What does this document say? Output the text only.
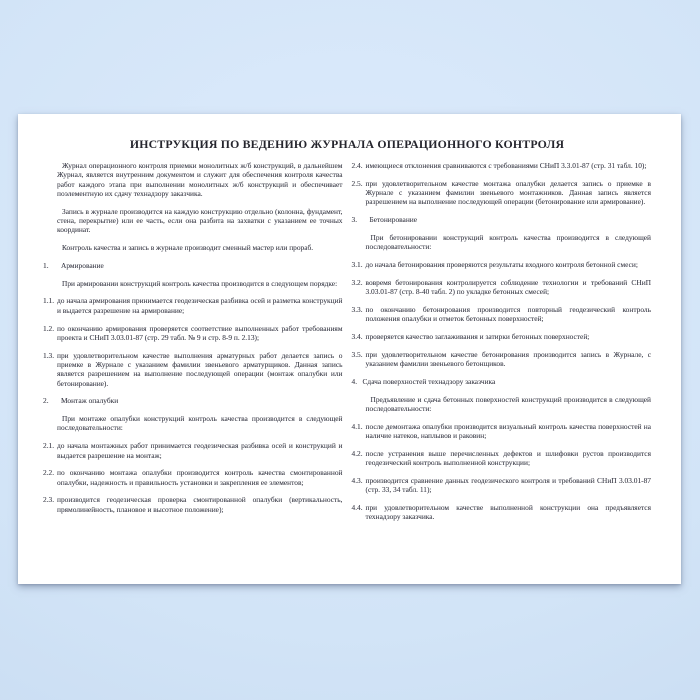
ИНСТРУКЦИЯ ПО ВЕДЕНИЮ ЖУРНАЛА ОПЕРАЦИОННОГО КОНТРОЛЯ
Журнал операционного контроля приемки монолитных ж/б конструкций, в дальнейшем Журнал, является внутренним документом и служит для обеспечения контроля качества работ каждого этапа при выполнении монолитных ж/б конструкций и обеспечивает поэлементную их сдачу технадзору заказчика.
Запись в журнале производится на каждую конструкцию отдельно (колонна, фундамент, стена, перекрытие) или ее часть, если она разбита на захватки с указанием ее точных координат.
Контроль качества и запись в журнале производит сменный мастер или прораб.
1. Армирование
При армировании конструкций контроль качества производится в следующем порядке:
1.1. до начала армирования принимается геодезическая разбивка осей и разметка конструкций и выдается разрешение на армирование;
1.2. по окончанию армирования проверяется соответствие выполненных работ требованиям проекта и СНиП 3.03.01-87 (стр. 29 табл. № 9 и стр. 8-9 п. 2.13);
1.3. при удовлетворительном качестве выполнения арматурных работ делается запись о приемке в Журнале с указанием фамилии звеньевого арматурщиков. Данная запись является разрешением на выполнение последующей операции (монтаж опалубки или бетонирование).
2. Монтаж опалубки
При монтаже опалубки конструкций контроль качества производится в следующей последовательности:
2.1. до начала монтажных работ принимается геодезическая разбивка осей и конструкций и выдается разрешение на монтаж;
2.2. по окончанию монтажа опалубки производится контроль качества смонтированной опалубки, надежность и правильность установки и закрепления ее элементов;
2.3. производится геодезическая проверка смонтированной опалубки (вертикальность, прямолинейность, плановое и высотное положение);
2.4. имеющиеся отклонения сравниваются с требованиями СНиП 3.3.01-87 (стр. 31 табл. 10);
2.5. при удовлетворительном качестве монтажа опалубки делается запись о приемке в Журнале с указанием фамилии звеньевого монтажников. Данная запись является разрешением на выполнение последующей операции (бетонирование или армирование).
3. Бетонирование
При бетонировании конструкций контроль качества производится в следующей последовательности:
3.1. до начала бетонирования проверяются результаты входного контроля бетонной смеси;
3.2. вовремя бетонирования контролируется соблюдение технологии и требований СНиП 3.03.01-87 (стр. 8-40 табл. 2) по укладке бетонных смесей;
3.3. по окончанию бетонирования производится повторный геодезический контроль положения опалубки и отметок бетонных поверхностей;
3.4. проверяется качество заглаживания и затирки бетонных поверхностей;
3.5. при удовлетворительном качестве бетонирования производится запись в Журнале, с указанием фамилии звеньевого бетонщиков.
4. Сдача поверхностей технадзору заказчика
Предъявление и сдача бетонных поверхностей конструкций производится в следующей последовательности:
4.1. после демонтажа опалубки производится визуальный контроль качества поверхностей на наличие натеков, наплывов и раковин;
4.2. после устранения выше перечисленных дефектов и шлифовки рустов производится геодезический контроль выполненной конструкции;
4.3. производится сравнение данных геодезического контроля и требований СНиП 3.03.01-87 (стр. 33, 34 табл. 11);
4.4. при удовлетворительном качестве выполненной конструкции она предъявляется технадзору заказчика.
